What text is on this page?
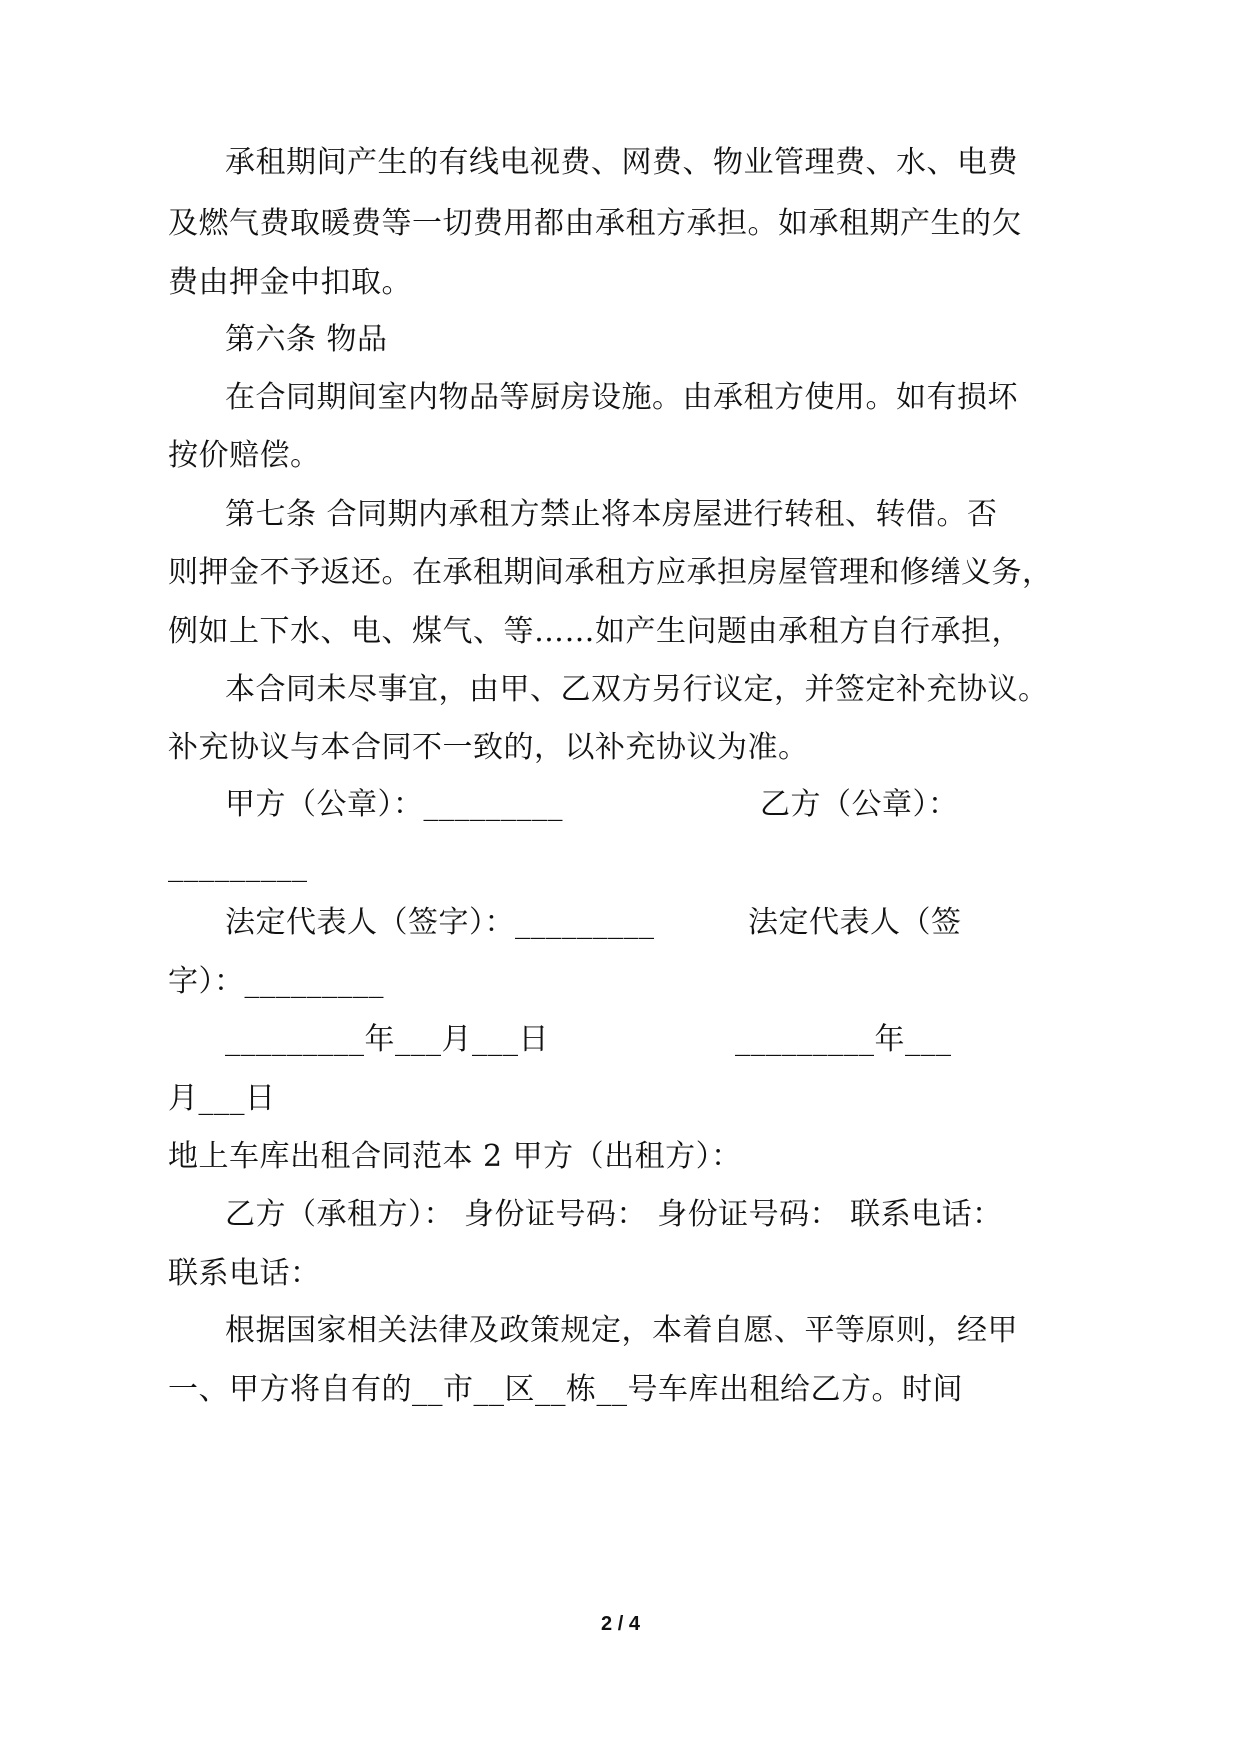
承租期间产生的有线电视费、网费、物业管理费、水、电费
及燃气费取暖费等一切费用都由承租方承担。如承租期产生的欠
费由押金中扣取。
第六条 物品
在合同期间室内物品等厨房设施。由承租方使用。如有损坏
按价赔偿。
第七条 合同期内承租方禁止将本房屋进行转租、转借。否
则押金不予返还。在承租期间承租方应承担房屋管理和修缮义务，
例如上下水、电、煤气、等……如产生问题由承租方自行承担，
本合同未尽事宜，由甲、乙双方另行议定，并签定补充协议。
补充协议与本合同不一致的，以补充协议为准。
甲方（公章）：_________	乙方（公章）：
_________
法定代表人（签字）：_________	法定代表人（签
字）：_________
_________年___月___日	_________年___
月___日
地上车库出租合同范本 2 甲方（出租方）：
乙方（承租方）： 身份证号码： 身份证号码： 联系电话：
联系电话：
根据国家相关法律及政策规定，本着自愿、平等原则，经甲
一、甲方将自有的__市__区__栋__号车库出租给乙方。时间
2 / 4
